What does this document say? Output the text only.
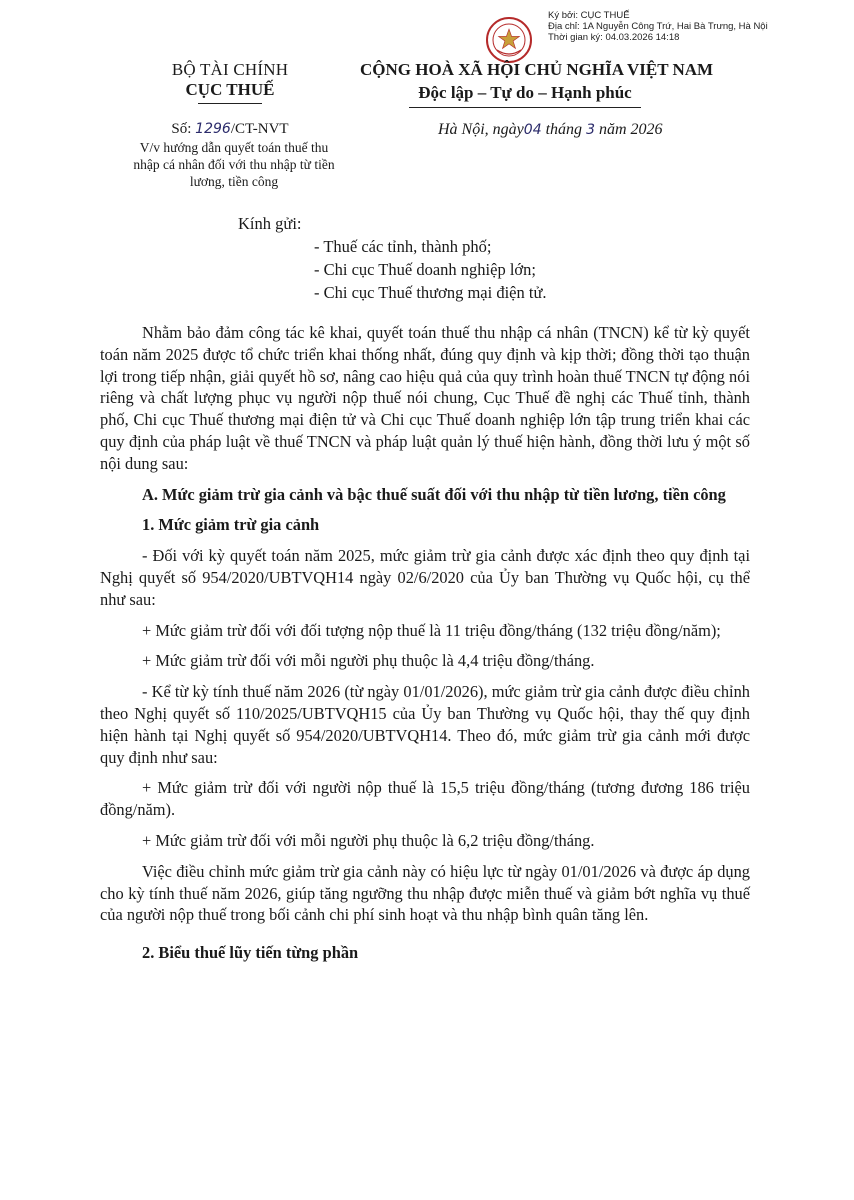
Ký bởi: CỤC THUẾ
Địa chỉ: 1A Nguyễn Công Trứ, Hai Bà Trưng, Hà Nội
Thời gian ký: 04.03.2026 14:18
BỘ TÀI CHÍNH
CỤC THUẾ
CỘNG HOÀ XÃ HỘI CHỦ NGHĨA VIỆT NAM
Độc lập – Tự do – Hạnh phúc
Số: 1296/CT-NVT
V/v hướng dẫn quyết toán thuế thu nhập cá nhân đối với thu nhập từ tiền lương, tiền công
Hà Nội, ngày04 tháng 3 năm 2026
Kính gửi:
- Thuế các tỉnh, thành phố;
- Chi cục Thuế doanh nghiệp lớn;
- Chi cục Thuế thương mại điện tử.

Nhằm bảo đảm công tác kê khai, quyết toán thuế thu nhập cá nhân (TNCN) kể từ kỳ quyết toán năm 2025 được tổ chức triển khai thống nhất, đúng quy định và kịp thời; đồng thời tạo thuận lợi trong tiếp nhận, giải quyết hồ sơ, nâng cao hiệu quả của quy trình hoàn thuế TNCN tự động nói riêng và chất lượng phục vụ người nộp thuế nói chung, Cục Thuế đề nghị các Thuế tỉnh, thành phố, Chi cục Thuế thương mại điện tử và Chi cục Thuế doanh nghiệp lớn tập trung triển khai các quy định của pháp luật về thuế TNCN và pháp luật quản lý thuế hiện hành, đồng thời lưu ý một số nội dung sau:

A. Mức giảm trừ gia cảnh và bậc thuế suất đối với thu nhập từ tiền lương, tiền công

1. Mức giảm trừ gia cảnh

- Đối với kỳ quyết toán năm 2025, mức giảm trừ gia cảnh được xác định theo quy định tại Nghị quyết số 954/2020/UBTVQH14 ngày 02/6/2020 của Ủy ban Thường vụ Quốc hội, cụ thể như sau:

+ Mức giảm trừ đối với đối tượng nộp thuế là 11 triệu đồng/tháng (132 triệu đồng/năm);

+ Mức giảm trừ đối với mỗi người phụ thuộc là 4,4 triệu đồng/tháng.

- Kể từ kỳ tính thuế năm 2026 (từ ngày 01/01/2026), mức giảm trừ gia cảnh được điều chỉnh theo Nghị quyết số 110/2025/UBTVQH15 của Ủy ban Thường vụ Quốc hội, thay thế quy định hiện hành tại Nghị quyết số 954/2020/UBTVQH14. Theo đó, mức giảm trừ gia cảnh mới được quy định như sau:

+ Mức giảm trừ đối với người nộp thuế là 15,5 triệu đồng/tháng (tương đương 186 triệu đồng/năm).

+ Mức giảm trừ đối với mỗi người phụ thuộc là 6,2 triệu đồng/tháng.

Việc điều chỉnh mức giảm trừ gia cảnh này có hiệu lực từ ngày 01/01/2026 và được áp dụng cho kỳ tính thuế năm 2026, giúp tăng ngưỡng thu nhập được miễn thuế và giảm bớt nghĩa vụ thuế của người nộp thuế trong bối cảnh chi phí sinh hoạt và thu nhập bình quân tăng lên.

2. Biểu thuế lũy tiến từng phần
